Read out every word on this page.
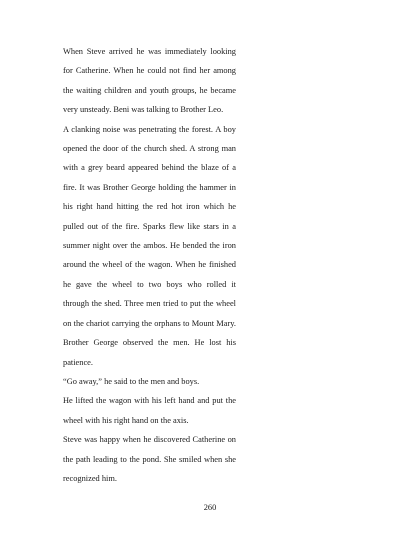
When Steve arrived he was immediately looking for Catherine. When he could not find her among the waiting children and youth groups, he became very unsteady. Beni was talking to Brother Leo.

A clanking noise was penetrating the forest. A boy opened the door of the church shed. A strong man with a grey beard appeared behind the blaze of a fire. It was Brother George holding the hammer in his right hand hitting the red hot iron which he pulled out of the fire. Sparks flew like stars in a summer night over the ambos. He bended the iron around the wheel of the wagon. When he finished he gave the wheel to two boys who rolled it through the shed. Three men tried to put the wheel on the chariot carrying the orphans to Mount Mary. Brother George observed the men. He lost his patience.

“Go away,” he said to the men and boys.

He lifted the wagon with his left hand and put the wheel with his right hand on the axis.

Steve was happy when he discovered Catherine on the path leading to the pond. She smiled when she recognized him.

260
